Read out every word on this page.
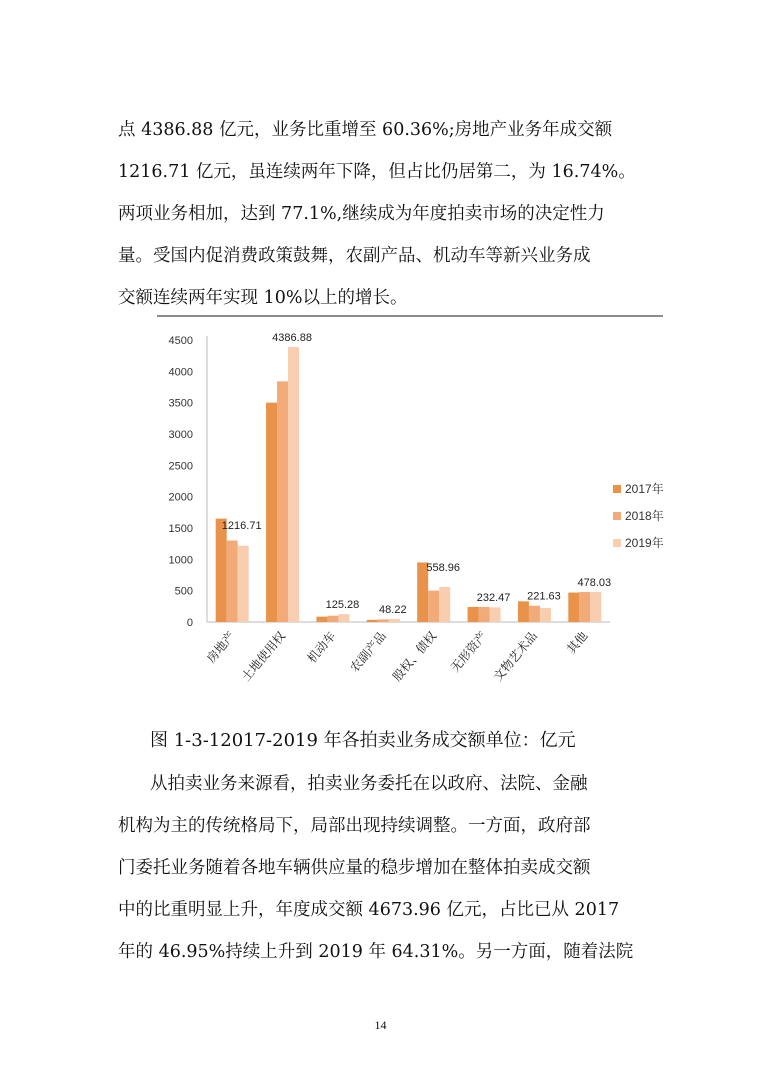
点 4386.88 亿元，业务比重增至 60.36%;房地产业务年成交额

1216.71 亿元，虽连续两年下降，但占比仍居第二，为 16.74%。

两项业务相加，达到 77.1%,继续成为年度拍卖市场的决定性力

量。受国内促消费政策鼓舞，农副产品、机动车等新兴业务成

交额连续两年实现 10%以上的增长。

0
500
1000
1500
2000
2500
3000
3500
4000
4500
1216.71
房地产
4386.88
土地使用权
125.28
机动车
48.22
农副产品
558.96
股权、债权
232.47
无形资产
221.63
文物艺术品
478.03
其他
2017年
2018年
2019年

图 1-3-12017-2019 年各拍卖业务成交额单位：亿元

从拍卖业务来源看，拍卖业务委托在以政府、法院、金融

机构为主的传统格局下，局部出现持续调整。一方面，政府部

门委托业务随着各地车辆供应量的稳步增加在整体拍卖成交额

中的比重明显上升，年度成交额 4673.96 亿元，占比已从 2017

年的 46.95%持续上升到 2019 年 64.31%。另一方面，随着法院

14
